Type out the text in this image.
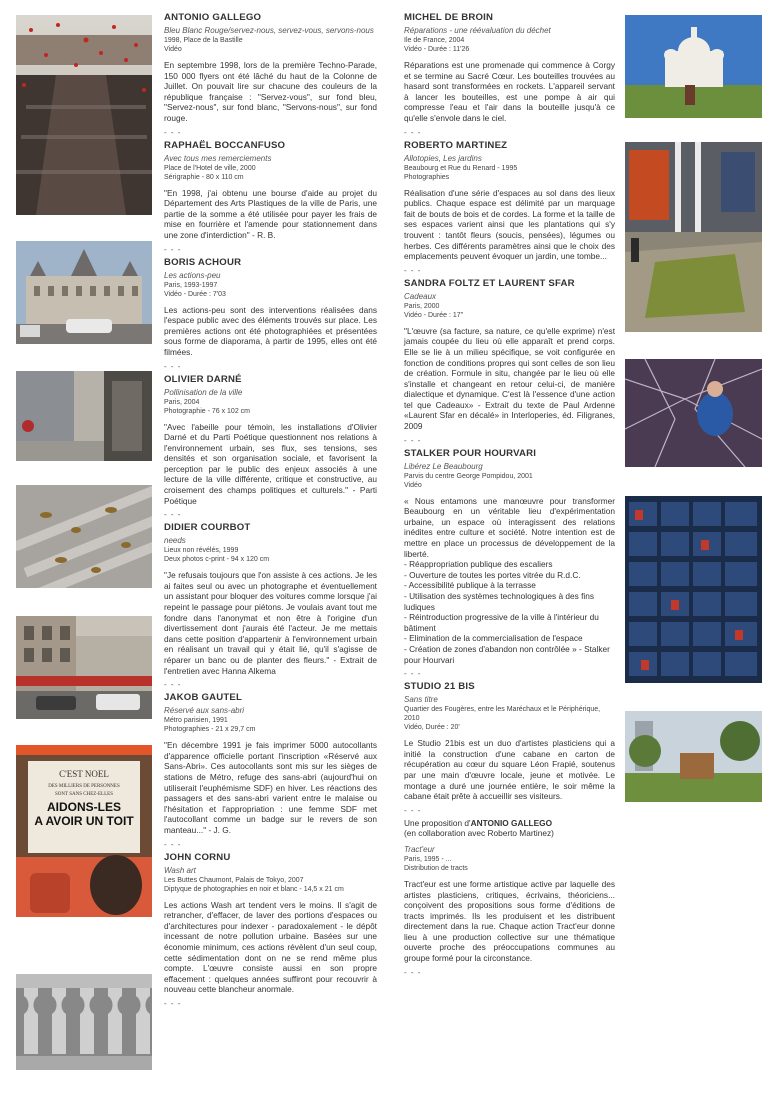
C'EST NOEL
DES MILLIERS DE PERSONNES
SONT SANS CHEZ-ELLES
AIDONS-LES
A AVOIR UN TOIT
ANTONIO GALLEGO
Bleu Blanc Rouge/servez-nous, servez-vous, servons-nous
1998, Place de la Bastille
Vidéo

En septembre 1998, lors de la première Techno-Parade, 150 000 flyers ont été lâché du haut de la Colonne de Juillet. On pouvait lire sur chacune des couleurs de la république française : "Servez-vous", sur fond bleu, "Servez-nous", sur fond blanc, "Servons-nous", sur fond rouge.

- - -
RAPHAËL BOCCANFUSO
Avec tous mes remerciements
Place de l'Hotel de ville, 2000
Sérigraphie - 80 x 110 cm

"En 1998, j'ai obtenu une bourse d'aide au projet du Département des Arts Plastiques de la ville de Paris, une partie de la somme a été utilisée pour payer les frais de mise en fourrière et l'amende pour stationnement dans une zone d'interdiction" - R. B.

- - -
BORIS ACHOUR
Les actions-peu
Paris, 1993-1997
Vidéo - Durée : 7'03

Les actions-peu sont des interventions réalisées dans l'espace public avec des éléments trouvés sur place. Les premières actions ont été photographiées et présentées sous forme de diaporama, à partir de 1995, elles ont été filmées.

- - -
OLIVIER DARNÉ
Pollinisation de la ville
Paris, 2004
Photographie - 76 x 102 cm

"Avec l'abeille pour témoin, les installations d'Olivier Darné et du Parti Poétique questionnent nos relations à l'environnement urbain, ses flux, ses tensions, ses densités et son organisation sociale, et favorisent la perception par le public des enjeux associés à une lecture de la ville différente, critique et constructive, au croisement des champs politiques et culturels." - Parti Poétique

- - -
DIDIER COURBOT
needs
Lieux non révélés, 1999
Deux photos c-print - 94 x 120 cm

"Je refusais toujours que l'on assiste à ces actions. Je les ai faites seul ou avec un photographe et éventuellement un assistant pour bloquer des voitures comme lorsque j'ai repeint le passage pour piétons. Je voulais avant tout me fondre dans l'anonymat et non être à l'origine d'un divertissement dont j'aurais été l'acteur. Je me mettais dans cette position d'appartenir à l'environnement urbain en réalisant un travail qui y était lié, qu'il s'agisse de réparer un banc ou de planter des fleurs." - Extrait de l'entretien avec Hanna Alkema

- - -
JAKOB GAUTEL
Réservé aux sans-abri
Métro parisien, 1991
Photographies - 21 x 29,7 cm

"En décembre 1991 je fais imprimer 5000 autocollants d'apparence officielle portant l'inscription «Réservé aux Sans-Abri». Ces autocollants sont mis sur les sièges de stations de Métro, refuge des sans-abri (aujourd'hui on utiliserait l'euphémisme SDF) en hiver. Les réactions des passagers et des sans-abri varient entre le malaise ou l'hésitation et l'appropriation : une femme SDF met l'autocollant comme un badge sur le revers de son manteau..." - J. G.

- - -
JOHN CORNU
Wash art
Les Buttes Chaumont, Palais de Tokyo, 2007
Diptyque de photographies en noir et blanc - 14,5 x 21 cm

Les actions Wash art tendent vers le moins. Il s'agit de retrancher, d'effacer, de laver des portions d'espaces ou d'architectures pour indexer - paradoxalement - le dépôt incessant de notre pollution urbaine. Basées sur une économie minimum, ces actions révèlent d'un seul coup, cette sédimentation dont on ne se rend même plus compte. L'œuvre consiste aussi en son propre effacement : quelques années suffiront pour recouvrir à nouveau cette blancheur anormale.

- - -
MICHEL DE BROIN
Réparations - une réévaluation du déchet
Ile de France, 2004
Vidéo - Durée : 11'26

Réparations est une promenade qui commence à Corgy et se termine au Sacré Cœur. Les bouteilles trouvées au hasard sont transformées en rockets. L'appareil servant à lancer les bouteilles, est une pompe à air qui compresse l'eau et l'air dans la bouteille jusqu'à ce qu'elle s'envole dans le ciel.

- - -
ROBERTO MARTINEZ
Allotopies, Les jardins
Beaubourg et Rue du Renard - 1995
Photographies

Réalisation d'une série d'espaces au sol dans des lieux publics. Chaque espace est délimité par un marquage fait de bouts de bois et de cordes. La forme et la taille de ses espaces varient ainsi que les plantations qui s'y trouvent : tantôt fleurs (soucis, pensées), légumes ou herbes. Ces différents paramètres ainsi que le choix des emplacements peuvent évoquer un jardin, une tombe...

- - -
SANDRA FOLTZ ET LAURENT SFAR
Cadeaux
Paris, 2000
Vidéo - Durée : 17''

"L'œuvre (sa facture, sa nature, ce qu'elle exprime) n'est jamais coupée du lieu où elle apparaît et prend corps. Elle se lie à un milieu spécifique, se voit configurée en fonction de conditions propres qui sont celles de son lieu de création. Formule in situ, changée par le lieu où elle s'installe et changeant en retour celui-ci, de manière dialectique et dynamique. C'est là l'essence d'une action tel que Cadeaux» - Extrait du texte de Paul Ardenne «Laurent Sfar en décalé» in Interloperies, éd. Filigranes, 2009

- - -
STALKER POUR HOURVARI
Libérez Le Beaubourg
Parvis du centre George Pompidou, 2001
Vidéo

« Nous entamons une manœuvre pour transformer Beaubourg en un véritable lieu d'expérimentation urbaine, un espace où interagissent des relations inédites entre culture et société. Notre intention est de mettre en place un processus de développement de la liberté.

- Réappropriation publique des escaliers
- Ouverture de toutes les portes vitrée du R.d.C.
- Accessibilité publique à la terrasse
- Utilisation des systèmes technologiques à des fins ludiques
- Réintroduction progressive de la ville à l'intérieur du bâtiment
- Elimination de la commercialisation de l'espace
- Création de zones d'abandon non contrôlée » - Stalker pour Hourvari
- - -
STUDIO 21 BIS
Sans titre
Quartier des Fougères, entre les Maréchaux et le Périphérique, 2010
Vidéo, Durée : 20'

Le Studio 21bis est un duo d'artistes plasticiens qui a initié la construction d'une cabane en carton de récupération au cœur du square Léon Frapié, soutenus par une main d'œuvre locale, jeune et motivée. Le montage a duré une journée entière, le soir même la cabane était prête à accueillir ses visiteurs.

- - -
Une proposition d'ANTONIO GALLEGO
(en collaboration avec Roberto Martinez)
Tract'eur
Paris, 1995 - ...
Distribution de tracts

Tract'eur est une forme artistique active par laquelle des artistes plasticiens, critiques, écrivains, théoriciens... conçoivent des propositions sous forme d'éditions de tracts imprimés. Ils les produisent et les distribuent directement dans la rue. Chaque action Tract'eur donne lieu à une production collective sur une thématique ouverte proche des préoccupations communes au groupe formé pour la circonstance.

- - -
